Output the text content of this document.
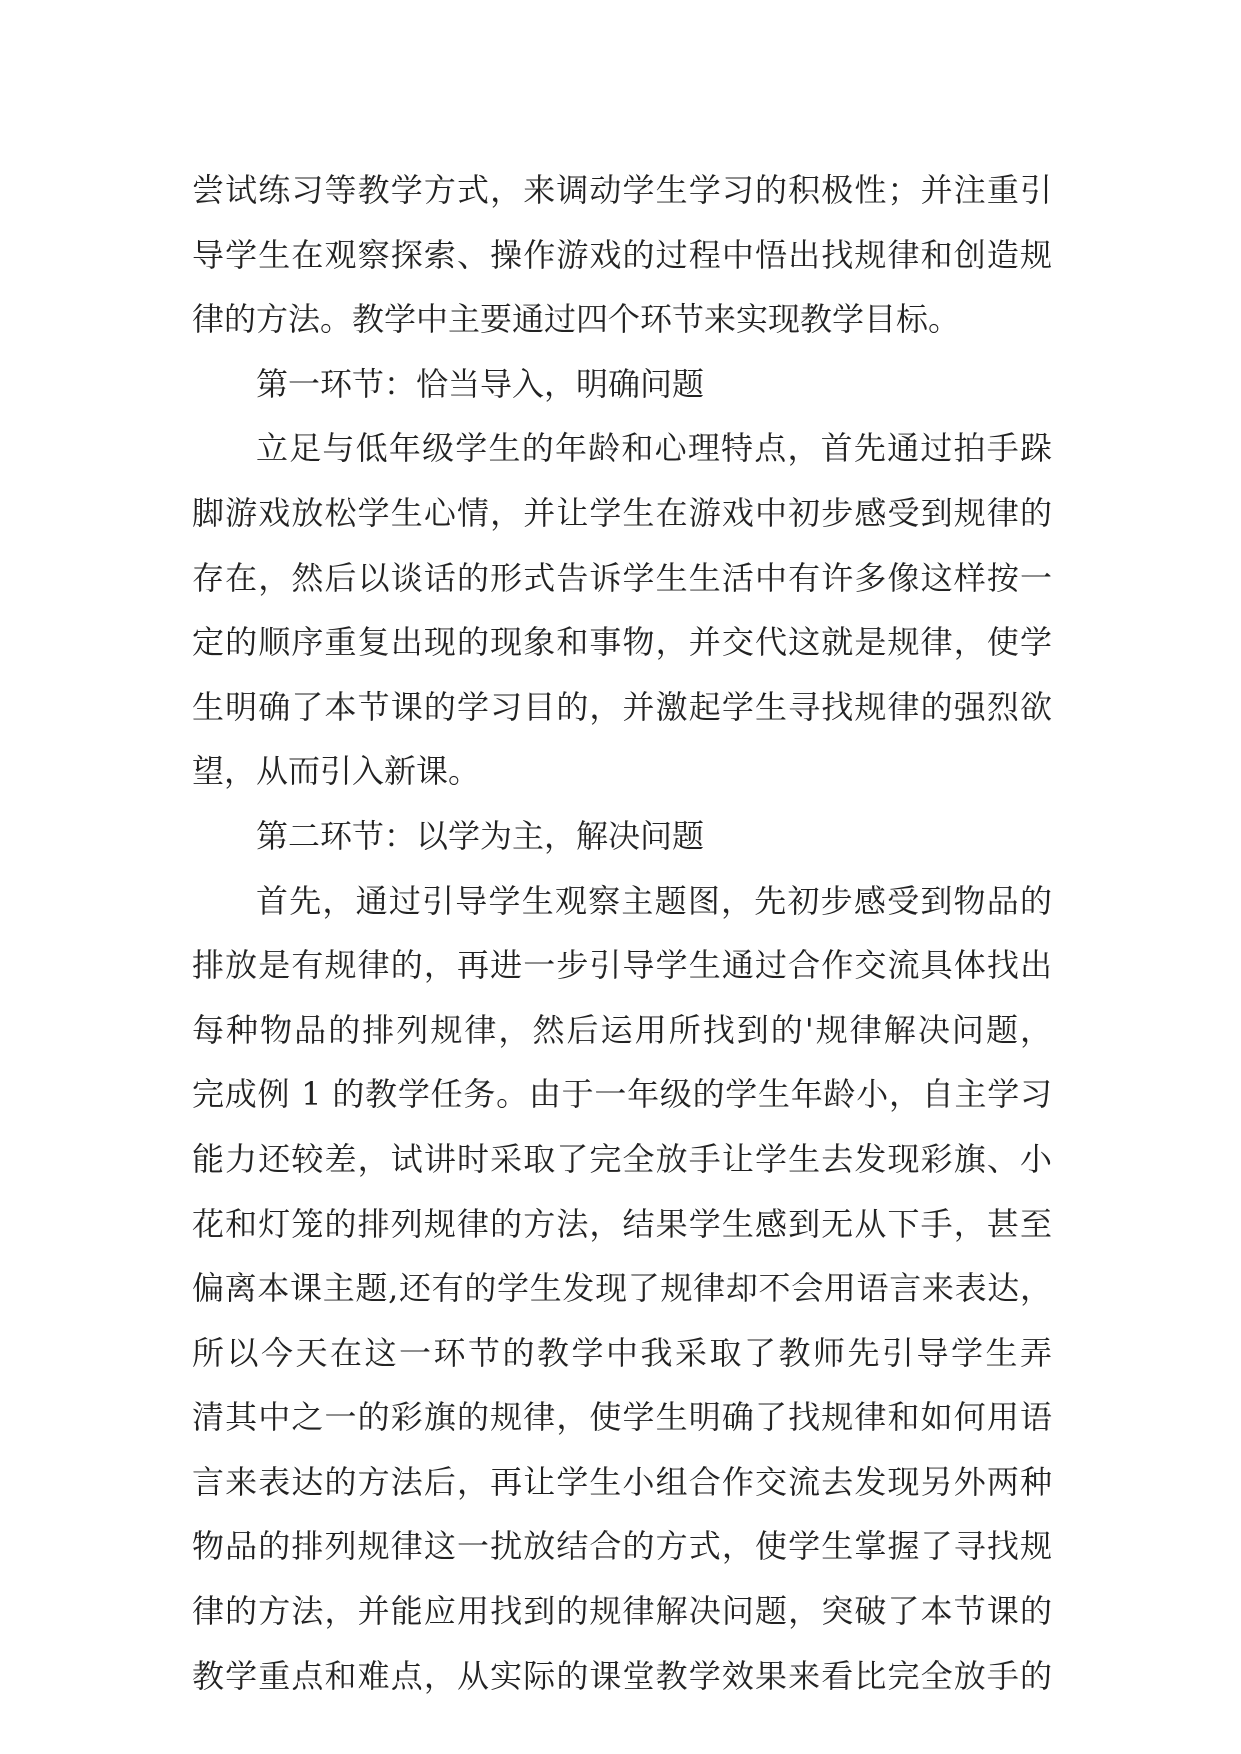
尝试练习等教学方式，来调动学生学习的积极性；并注重引
导学生在观察探索、操作游戏的过程中悟出找规律和创造规
律的方法。教学中主要通过四个环节来实现教学目标。
第一环节：恰当导入，明确问题
立足与低年级学生的年龄和心理特点，首先通过拍手跺
脚游戏放松学生心情，并让学生在游戏中初步感受到规律的
存在，然后以谈话的形式告诉学生生活中有许多像这样按一
定的顺序重复出现的现象和事物，并交代这就是规律，使学
生明确了本节课的学习目的，并激起学生寻找规律的强烈欲
望，从而引入新课。
第二环节：以学为主，解决问题
首先，通过引导学生观察主题图，先初步感受到物品的
排放是有规律的，再进一步引导学生通过合作交流具体找出
每种物品的排列规律，然后运用所找到的'规律解决问题，
完成例 1 的教学任务。由于一年级的学生年龄小，自主学习
能力还较差，试讲时采取了完全放手让学生去发现彩旗、小
花和灯笼的排列规律的方法，结果学生感到无从下手，甚至
偏离本课主题,还有的学生发现了规律却不会用语言来表达，
所以今天在这一环节的教学中我采取了教师先引导学生弄
清其中之一的彩旗的规律，使学生明确了找规律和如何用语
言来表达的方法后，再让学生小组合作交流去发现另外两种
物品的排列规律这一扰放结合的方式，使学生掌握了寻找规
律的方法，并能应用找到的规律解决问题，突破了本节课的
教学重点和难点，从实际的课堂教学效果来看比完全放手的
